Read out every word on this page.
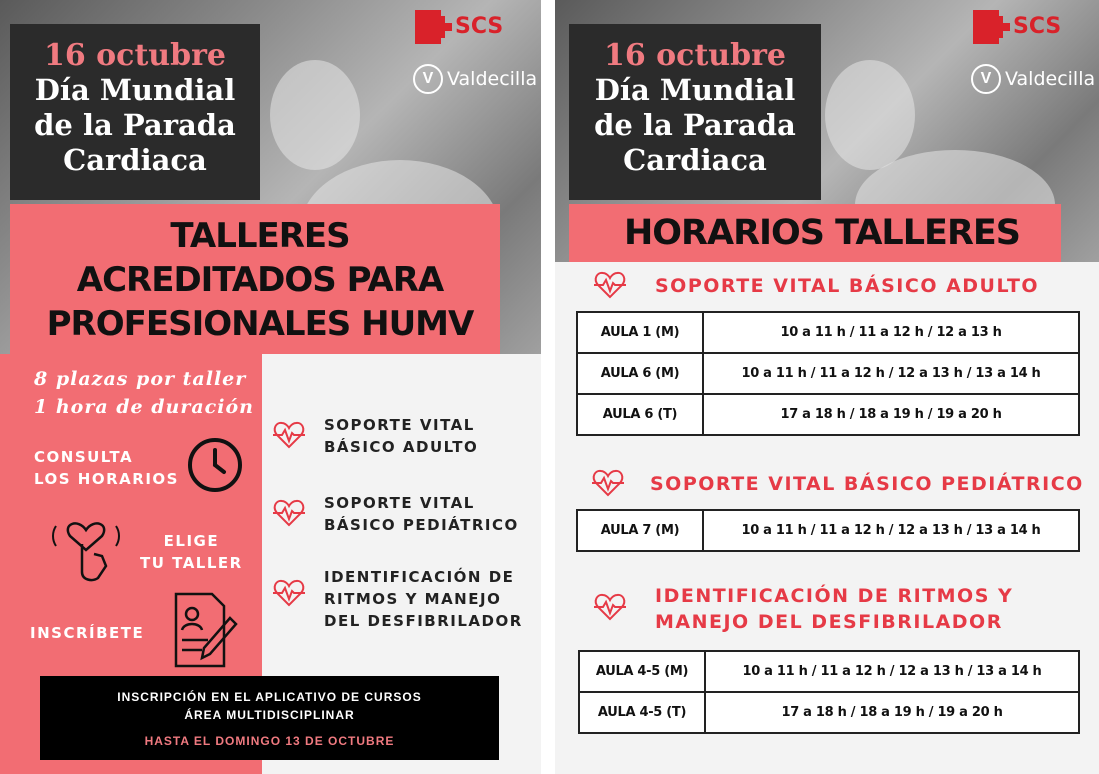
16 octubre
Día Mundial
de la Parada
Cardiaca
SCS
V Valdecilla
TALLERES
ACREDITADOS PARA
PROFESIONALES HUMV
8 plazas por taller
1 hora de duración
CONSULTA
LOS HORARIOS
ELIGE
TU TALLER
INSCRÍBETE
SOPORTE VITAL
BÁSICO ADULTO
SOPORTE VITAL
BÁSICO PEDIÁTRICO
IDENTIFICACIÓN DE
RITMOS Y MANEJO
DEL DESFIBRILADOR
INSCRIPCIÓN EN EL APLICATIVO DE CURSOS
ÁREA MULTIDISCIPLINAR
HASTA EL DOMINGO 13 DE OCTUBRE
16 octubre
Día Mundial
de la Parada
Cardiaca
SCS
V Valdecilla
HORARIOS TALLERES
SOPORTE VITAL BÁSICO ADULTO
AULA 1 (M)	10 a 11 h / 11 a 12 h / 12 a 13 h
AULA 6 (M)	10 a 11 h / 11 a 12 h / 12 a 13 h / 13 a 14 h
AULA 6 (T)	17 a 18 h / 18 a 19 h / 19 a 20 h
SOPORTE VITAL BÁSICO PEDIÁTRICO
AULA 7 (M)	10 a 11 h / 11 a 12 h / 12 a 13 h / 13 a 14 h
IDENTIFICACIÓN DE RITMOS Y
MANEJO DEL DESFIBRILADOR
AULA 4-5 (M)	10 a 11 h / 11 a 12 h / 12 a 13 h / 13 a 14 h
AULA 4-5 (T)	17 a 18 h / 18 a 19 h / 19 a 20 h
